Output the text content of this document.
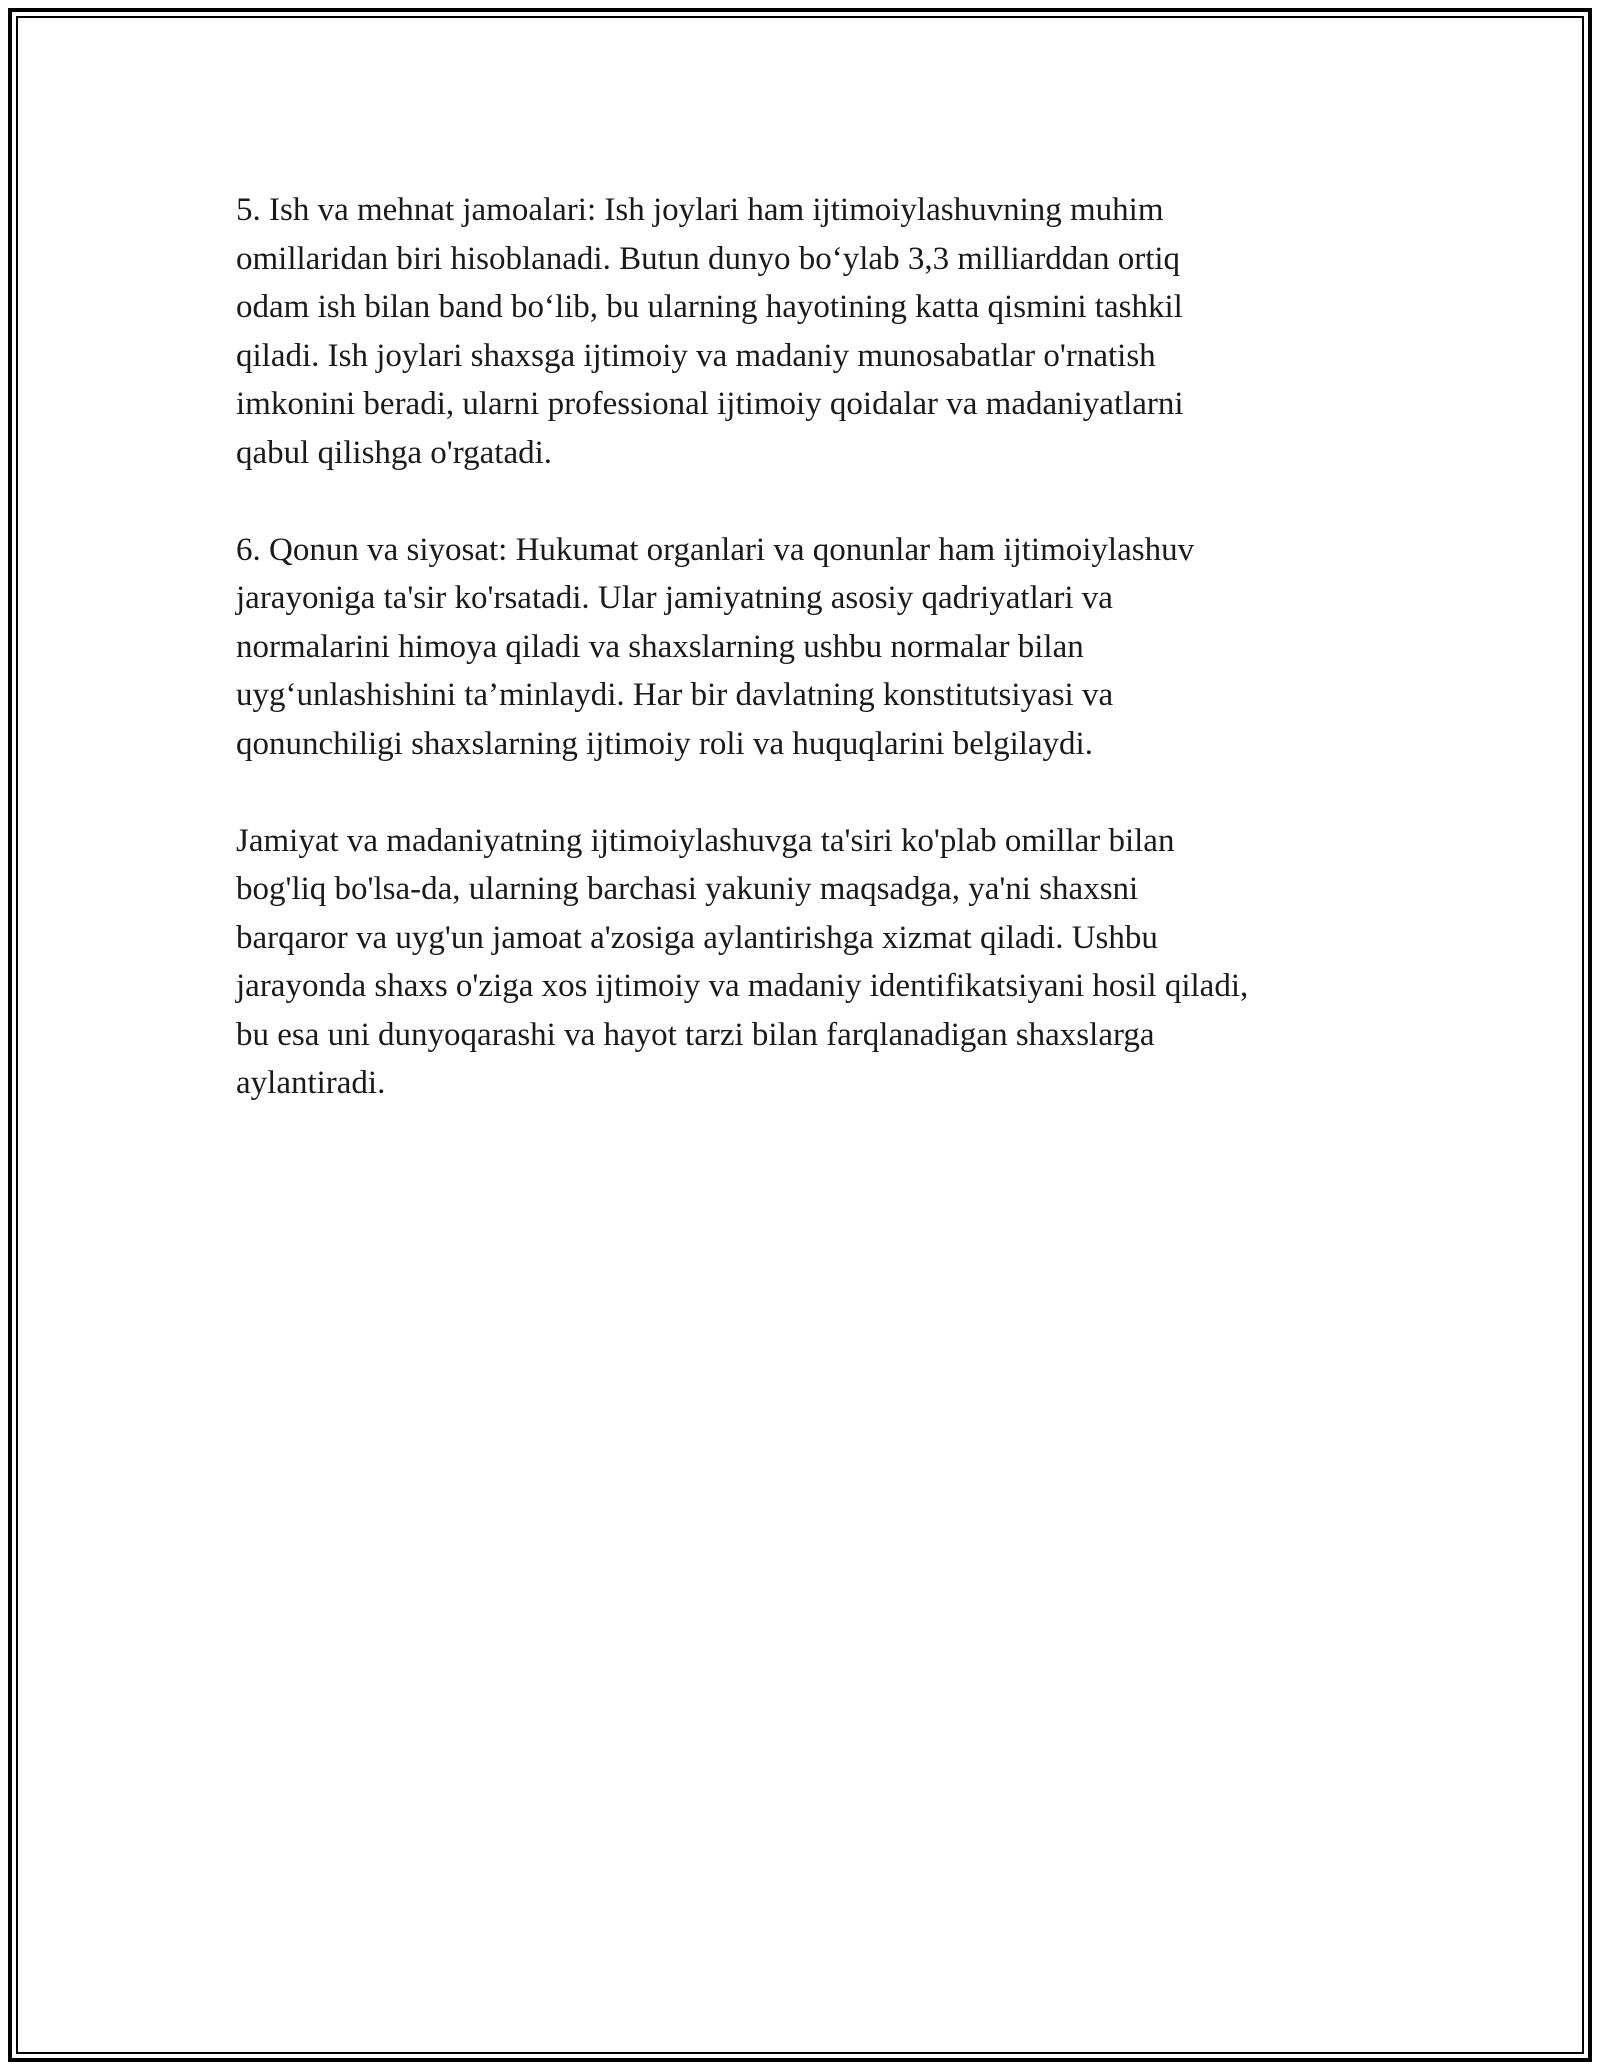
5. Ish va mehnat jamoalari: Ish joylari ham ijtimoiylashuvning muhim
omillaridan biri hisoblanadi. Butun dunyo bo‘ylab 3,3 milliarddan ortiq
odam ish bilan band bo‘lib, bu ularning hayotining katta qismini tashkil
qiladi. Ish joylari shaxsga ijtimoiy va madaniy munosabatlar o'rnatish
imkonini beradi, ularni professional ijtimoiy qoidalar va madaniyatlarni
qabul qilishga o'rgatadi.

6. Qonun va siyosat: Hukumat organlari va qonunlar ham ijtimoiylashuv
jarayoniga ta'sir ko'rsatadi. Ular jamiyatning asosiy qadriyatlari va
normalarini himoya qiladi va shaxslarning ushbu normalar bilan
uyg‘unlashishini ta’minlaydi. Har bir davlatning konstitutsiyasi va
qonunchiligi shaxslarning ijtimoiy roli va huquqlarini belgilaydi.

Jamiyat va madaniyatning ijtimoiylashuvga ta'siri ko'plab omillar bilan
bog'liq bo'lsa-da, ularning barchasi yakuniy maqsadga, ya'ni shaxsni
barqaror va uyg'un jamoat a'zosiga aylantirishga xizmat qiladi. Ushbu
jarayonda shaxs o'ziga xos ijtimoiy va madaniy identifikatsiyani hosil qiladi,
bu esa uni dunyoqarashi va hayot tarzi bilan farqlanadigan shaxslarga
aylantiradi.
